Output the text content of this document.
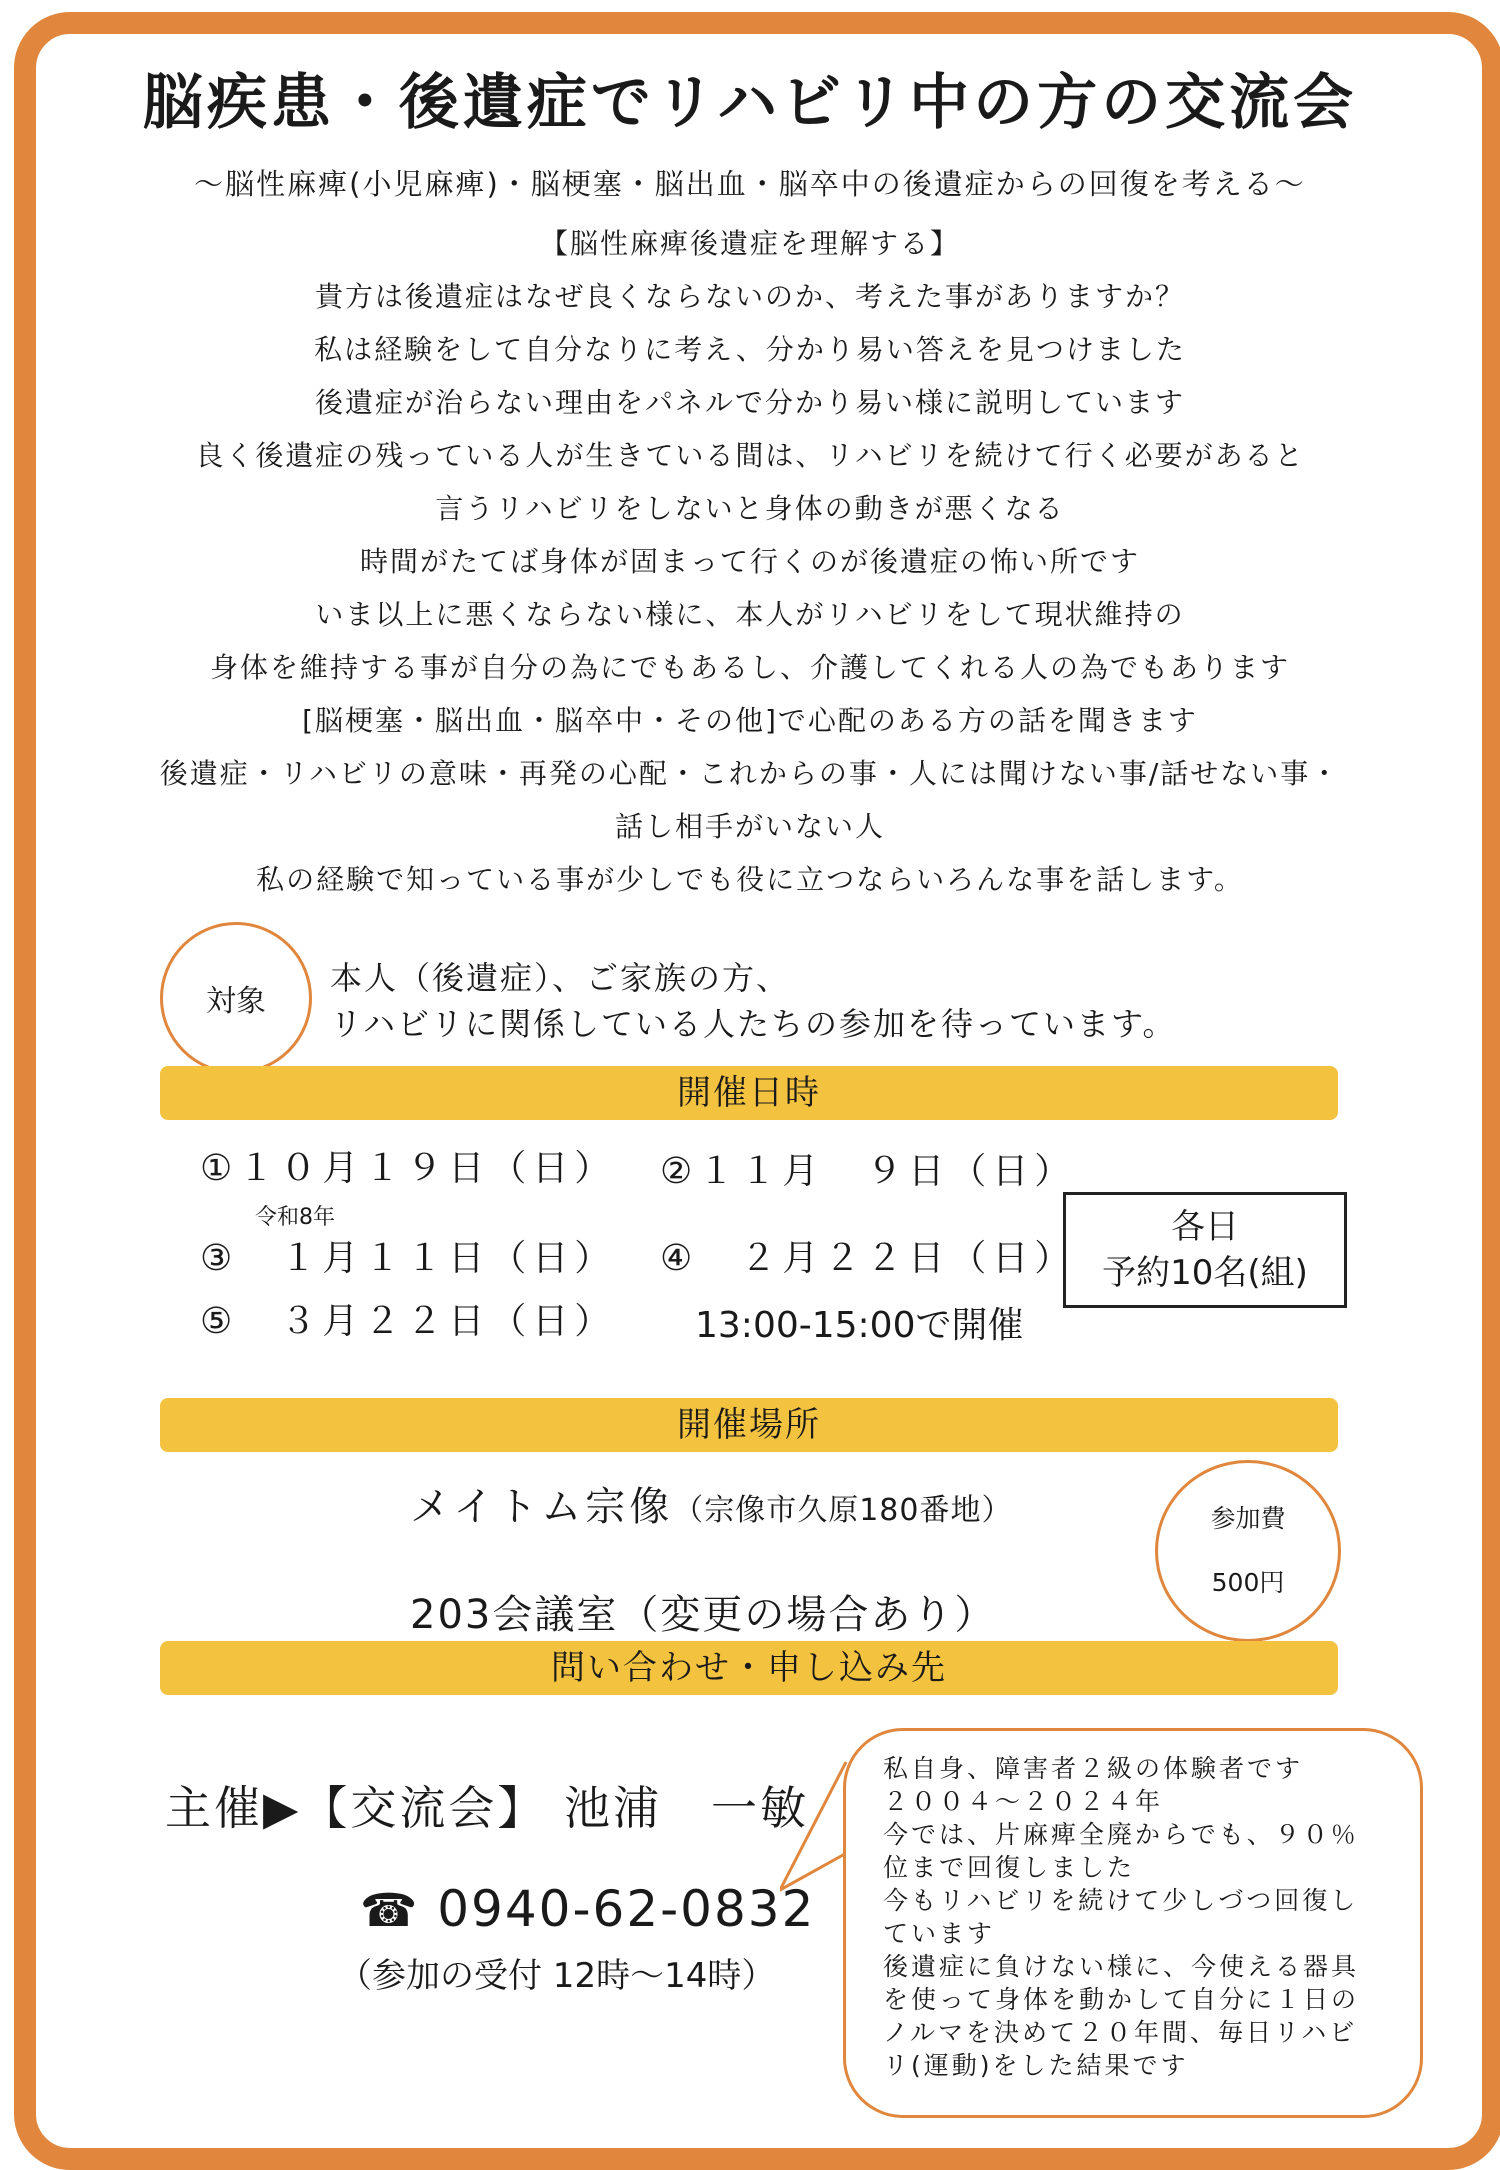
脳疾患・後遺症でリハビリ中の方の交流会
〜脳性麻痺(小児麻痺)・脳梗塞・脳出血・脳卒中の後遺症からの回復を考える〜
【脳性麻痺後遺症を理解する】
貴方は後遺症はなぜ良くならないのか、考えた事がありますか？
私は経験をして自分なりに考え、分かり易い答えを見つけました
後遺症が治らない理由をパネルで分かり易い様に説明しています
良く後遺症の残っている人が生きている間は、リハビリを続けて行く必要があると
言うリハビリをしないと身体の動きが悪くなる
時間がたてば身体が固まって行くのが後遺症の怖い所です
いま以上に悪くならない様に、本人がリハビリをして現状維持の
身体を維持する事が自分の為にでもあるし、介護してくれる人の為でもあります
[脳梗塞・脳出血・脳卒中・その他]で心配のある方の話を聞きます
後遺症・リハビリの意味・再発の心配・これからの事・人には聞けない事/話せない事・
話し相手がいない人
私の経験で知っている事が少しでも役に立つならいろんな事を話します。
対象
本人（後遺症）、ご家族の方、
リハビリに関係している人たちの参加を待っています。
開催日時
①１０月１９日（日） ②１１月　９日（日）
令和8年
③　１月１１日（日） ④　２月２２日（日）
⑤　３月２２日（日） 13:00-15:00で開催
各日
予約10名(組)
開催場所
メイトム宗像（宗像市久原180番地）
203会議室（変更の場合あり）
参加費
500円
問い合わせ・申し込み先
主催▶【交流会】 池浦　一敏
☎ 0940-62-0832
（参加の受付 12時〜14時）
私自身、障害者２級の体験者です
２００４〜２０２４年
今では、片麻痺全廃からでも、９０％
位まで回復しました
今もリハビリを続けて少しづつ回復し
ています
後遺症に負けない様に、今使える器具
を使って身体を動かして自分に１日の
ノルマを決めて２０年間、毎日リハビ
リ(運動)をした結果です
